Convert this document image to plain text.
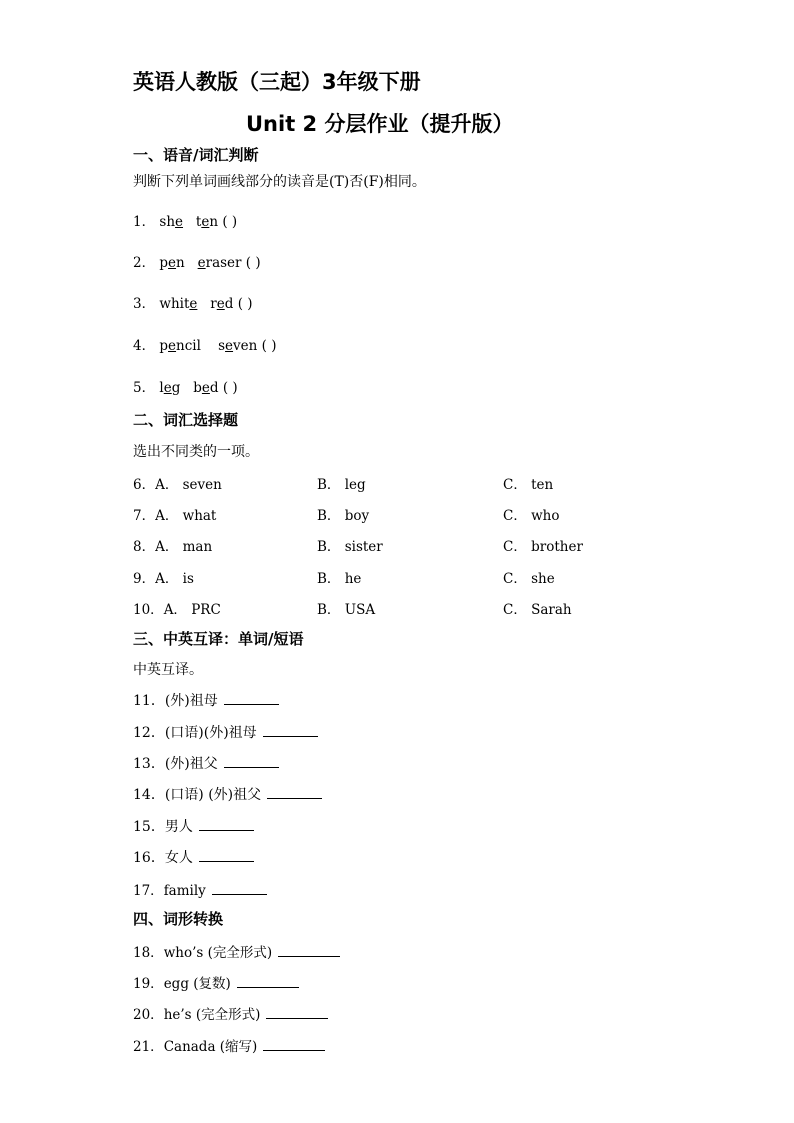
英语人教版（三起）3年级下册
Unit 2 分层作业（提升版）
一、语音/词汇判断
判断下列单词画线部分的读音是(T)否(F)相同。
1． she ten ( )
2． pen eraser ( )
3． white red ( )
4． pencil seven ( )
5． leg bed ( )
二、词汇选择题
选出不同类的一项。
6．A． seven	B． leg	C． ten
7．A． what	B． boy	C． who
8．A． man	B． sister	C． brother
9．A． is	B． he	C． she
10．A． PRC	B． USA	C． Sarah
三、中英互译：单词/短语
中英互译。
11．(外)祖母
12．(口语)(外)祖母
13．(外)祖父
14．(口语) (外)祖父
15．男人
16．女人
17．family
四、词形转换
18．who’s (完全形式)
19．egg (复数)
20．he’s (完全形式)
21．Canada (缩写)
